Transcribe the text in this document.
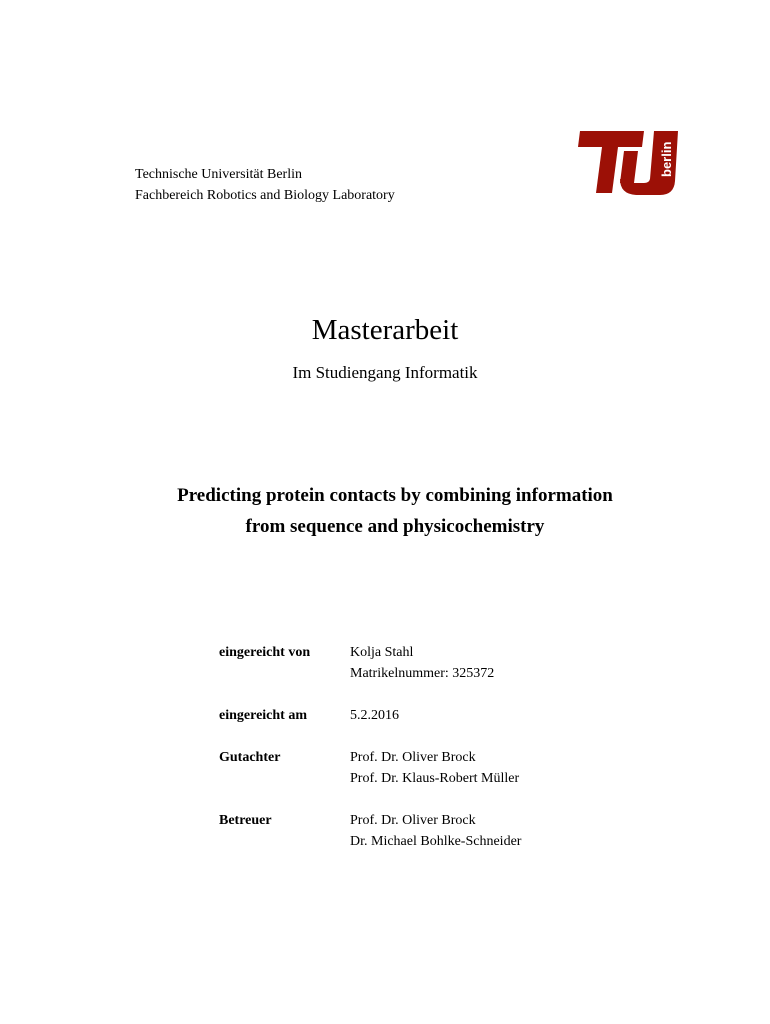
Technische Universität Berlin
Fachbereich Robotics and Biology Laboratory
berlin
Masterarbeit
Im Studiengang Informatik
Predicting protein contacts by combining information
from sequence and physicochemistry
eingereicht von	Kolja Stahl
Matrikelnummer: 325372
eingereicht am	5.2.2016
Gutachter	Prof. Dr. Oliver Brock
Prof. Dr. Klaus-Robert Müller
Betreuer	Prof. Dr. Oliver Brock
Dr. Michael Bohlke-Schneider
